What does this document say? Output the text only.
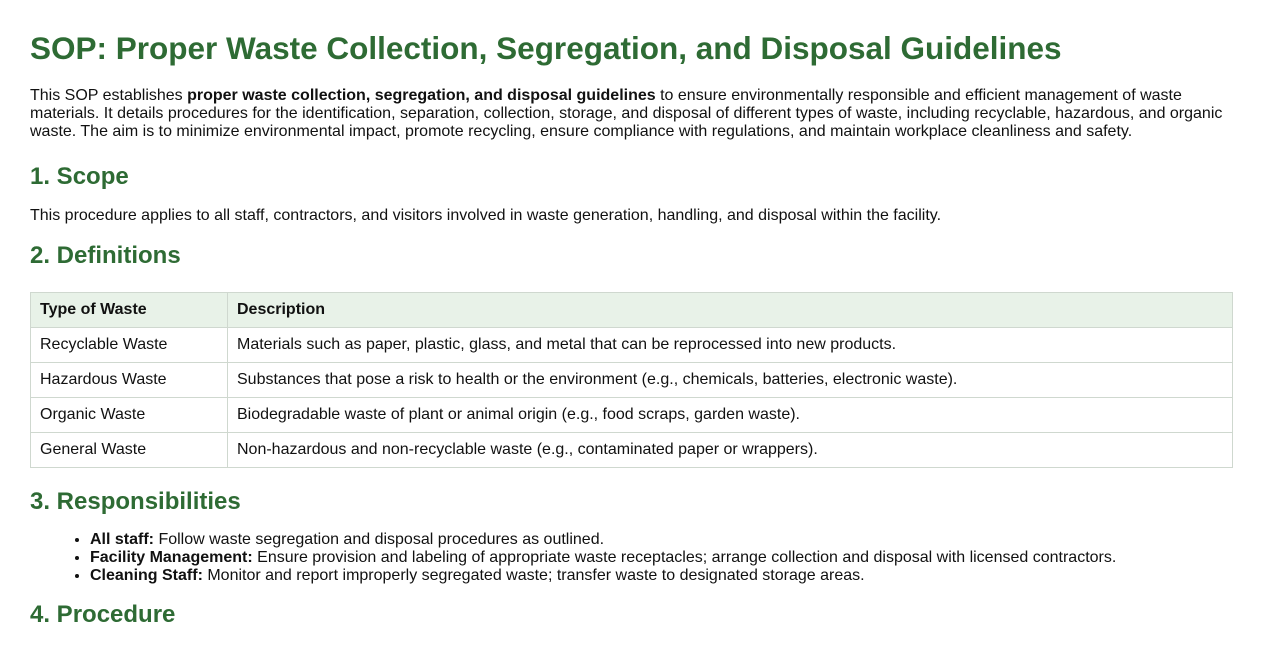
SOP: Proper Waste Collection, Segregation, and Disposal Guidelines

This SOP establishes proper waste collection, segregation, and disposal guidelines to ensure environmentally responsible and efficient management of waste materials. It details procedures for the identification, separation, collection, storage, and disposal of different types of waste, including recyclable, hazardous, and organic waste. The aim is to minimize environmental impact, promote recycling, ensure compliance with regulations, and maintain workplace cleanliness and safety.

1. Scope

This procedure applies to all staff, contractors, and visitors involved in waste generation, handling, and disposal within the facility.

2. Definitions
Type of Waste	Description
Recyclable Waste	Materials such as paper, plastic, glass, and metal that can be reprocessed into new products.
Hazardous Waste	Substances that pose a risk to health or the environment (e.g., chemicals, batteries, electronic waste).
Organic Waste	Biodegradable waste of plant or animal origin (e.g., food scraps, garden waste).
General Waste	Non-hazardous and non-recyclable waste (e.g., contaminated paper or wrappers).
3. Responsibilities
• All staff: Follow waste segregation and disposal procedures as outlined.
• Facility Management: Ensure provision and labeling of appropriate waste receptacles; arrange collection and disposal with licensed contractors.
• Cleaning Staff: Monitor and report improperly segregated waste; transfer waste to designated storage areas.
4. Procedure
